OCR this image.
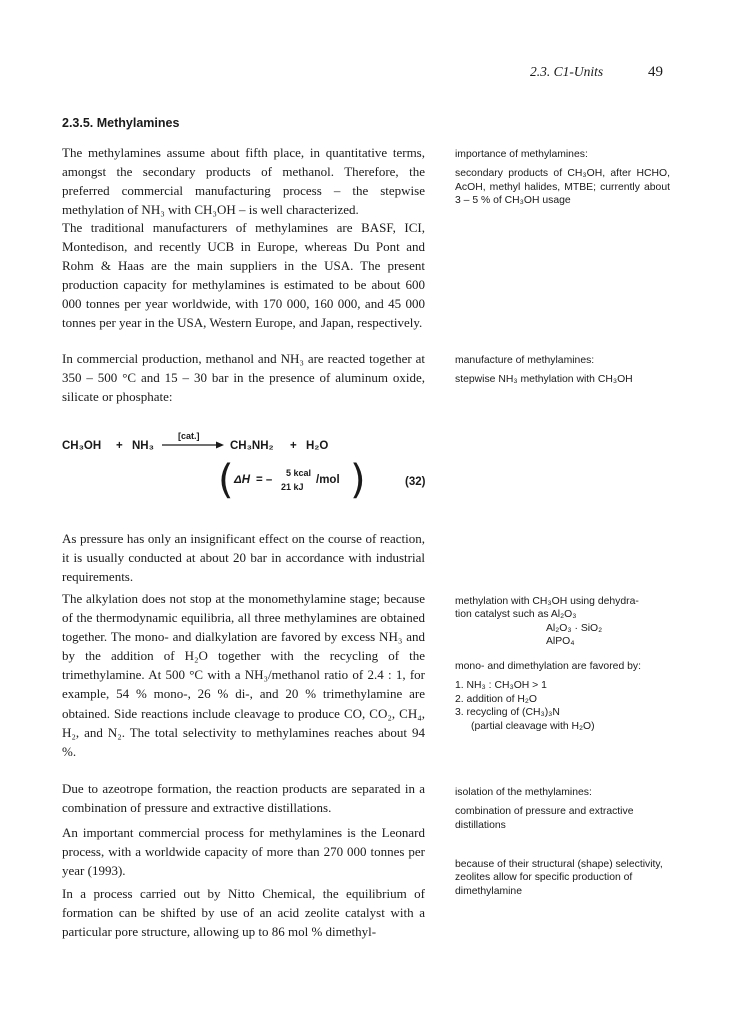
2.3. C1-Units	49
2.3.5. Methylamines
The methylamines assume about fifth place, in quantitative terms, amongst the secondary products of methanol. Therefore, the preferred commercial manufacturing process – the stepwise methylation of NH₃ with CH₃OH – is well characterized.
The traditional manufacturers of methylamines are BASF, ICI, Montedison, and recently UCB in Europe, whereas Du Pont and Rohm & Haas are the main suppliers in the USA. The present production capacity for methylamines is estimated to be about 600 000 tonnes per year worldwide, with 170 000, 160 000, and 45 000 tonnes per year in the USA, Western Europe, and Japan, respectively.
In commercial production, methanol and NH₃ are reacted together at 350 – 500 °C and 15 – 30 bar in the presence of aluminum oxide, silicate or phosphate:
CH₃OH + NH₃
[cat.]
→ CH₃NH₂ + H₂O
( ΔH = –
5 kcal
21 kJ
/mol )	(32)
As pressure has only an insignificant effect on the course of reaction, it is usually conducted at about 20 bar in accordance with industrial requirements.
The alkylation does not stop at the monomethylamine stage; because of the thermodynamic equilibria, all three methylamines are obtained together. The mono- and dialkylation are favored by excess NH₃ and by the addition of H₂O together with the recycling of the trimethylamine. At 500 °C with a NH₃/methanol ratio of 2.4 : 1, for example, 54 % mono-, 26 % di-, and 20 % trimethylamine are obtained. Side reactions include cleavage to produce CO, CO₂, CH₄, H₂, and N₂. The total selectivity to methylamines reaches about 94 %.
Due to azeotrope formation, the reaction products are separated in a combination of pressure and extractive distillations.
An important commercial process for methylamines is the Leonard process, with a worldwide capacity of more than 270 000 tonnes per year (1993).
In a process carried out by Nitto Chemical, the equilibrium of formation can be shifted by use of an acid zeolite catalyst with a particular pore structure, allowing up to 86 mol % dimethyl-
importance of methylamines:
secondary products of CH₃OH, after HCHO, AcOH, methyl halides, MTBE; currently about 3 – 5 % of CH₃OH usage
manufacture of methylamines:
stepwise NH₃ methylation with CH₃OH
methylation with CH₃OH using dehydra-
tion catalyst such as Al₂O₃
Al₂O₃ · SiO₂
AlPO₄
mono- and dimethylation are favored by:
1. NH₃ : CH₃OH > 1
2. addition of H₂O
3. recycling of (CH₃)₃N
(partial cleavage with H₂O)
isolation of the methylamines:
combination of pressure and extractive distillations
because of their structural (shape) selectivity, zeolites allow for specific production of dimethylamine
